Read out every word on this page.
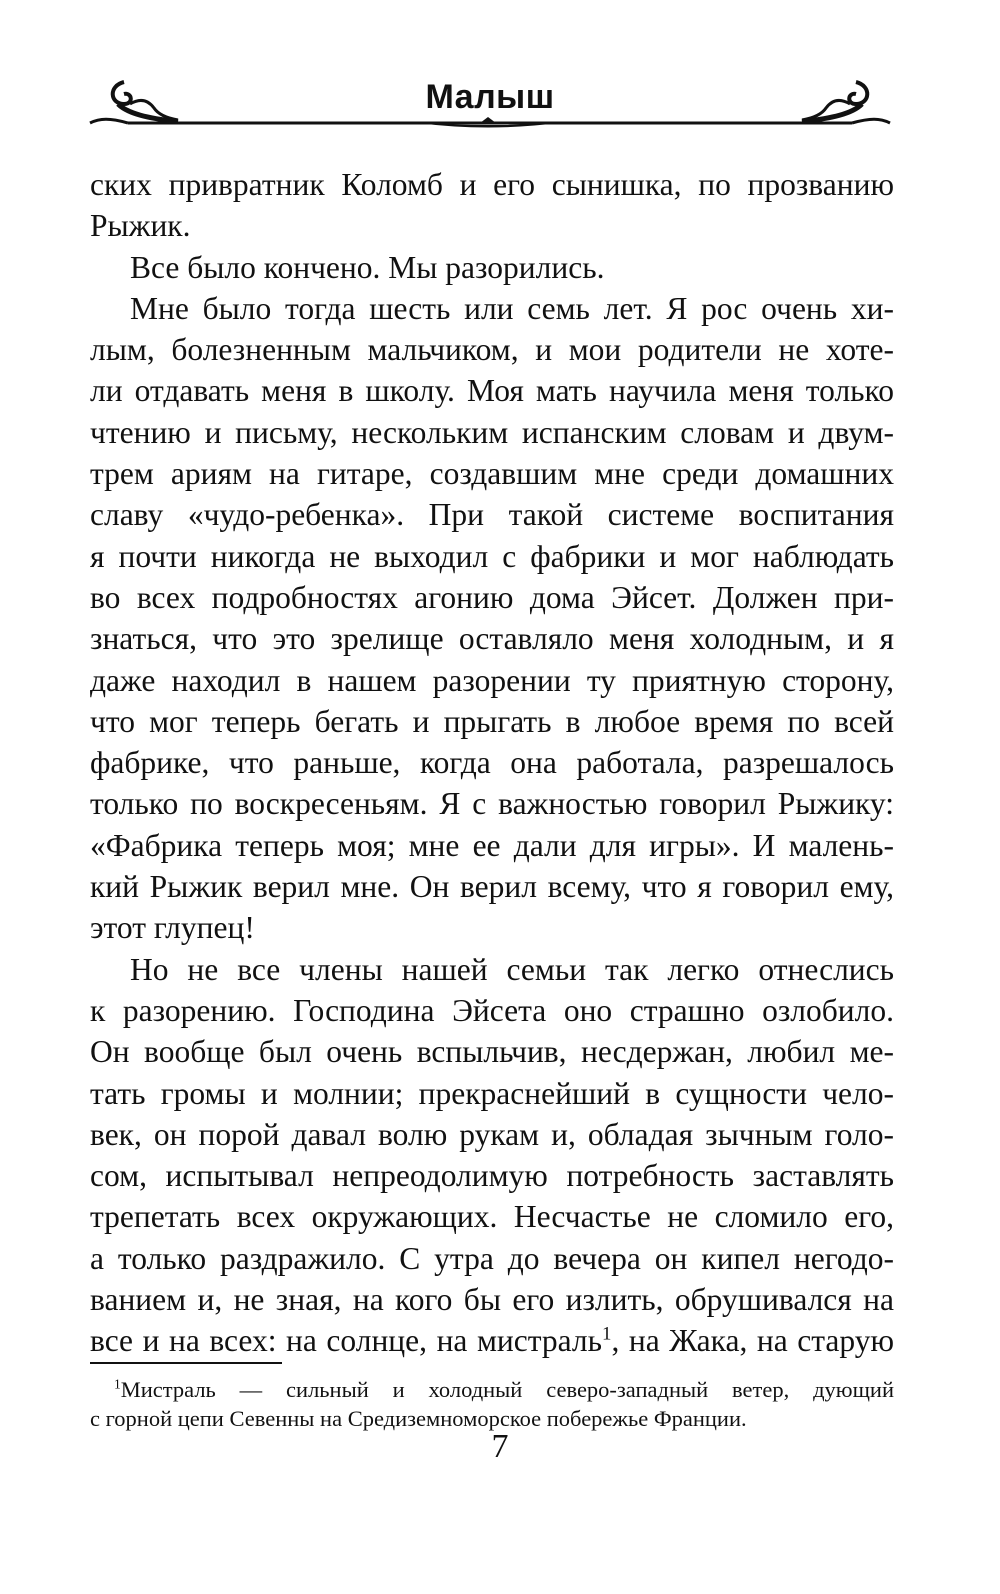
Малыш
ских привратник Коломб и его сынишка, по прозванию
Рыжик.
Все было кончено. Мы разорились.
Мне было тогда шесть или семь лет. Я рос очень хи-
лым, болезненным мальчиком, и мои родители не хоте-
ли отдавать меня в школу. Моя мать научила меня только
чтению и письму, нескольким испанским словам и двум-
трем ариям на гитаре, создавшим мне среди домашних
славу «чудо-ребенка». При такой системе воспитания
я почти никогда не выходил с фабрики и мог наблюдать
во всех подробностях агонию дома Эйсет. Должен при-
знаться, что это зрелище оставляло меня холодным, и я
даже находил в нашем разорении ту приятную сторону,
что мог теперь бегать и прыгать в любое время по всей
фабрике, что раньше, когда она работала, разрешалось
только по воскресеньям. Я с важностью говорил Рыжику:
«Фабрика теперь моя; мне ее дали для игры». И малень-
кий Рыжик верил мне. Он верил всему, что я говорил ему,
этот глупец!
Но не все члены нашей семьи так легко отнеслись
к разорению. Господина Эйсета оно страшно озлобило.
Он вообще был очень вспыльчив, несдержан, любил ме-
тать громы и молнии; прекраснейший в сущности чело-
век, он порой давал волю рукам и, обладая зычным голо-
сом, испытывал непреодолимую потребность заставлять
трепетать всех окружающих. Несчастье не сломило его,
а только раздражило. С утра до вечера он кипел негодо-
ванием и, не зная, на кого бы его излить, обрушивался на
все и на всех: на солнце, на мистраль$^1$, на Жака, на старую
$^1$Мистраль — сильный и холодный северо-западный ветер, дующий
с горной цепи Севенны на Средиземноморское побережье Франции.
7
